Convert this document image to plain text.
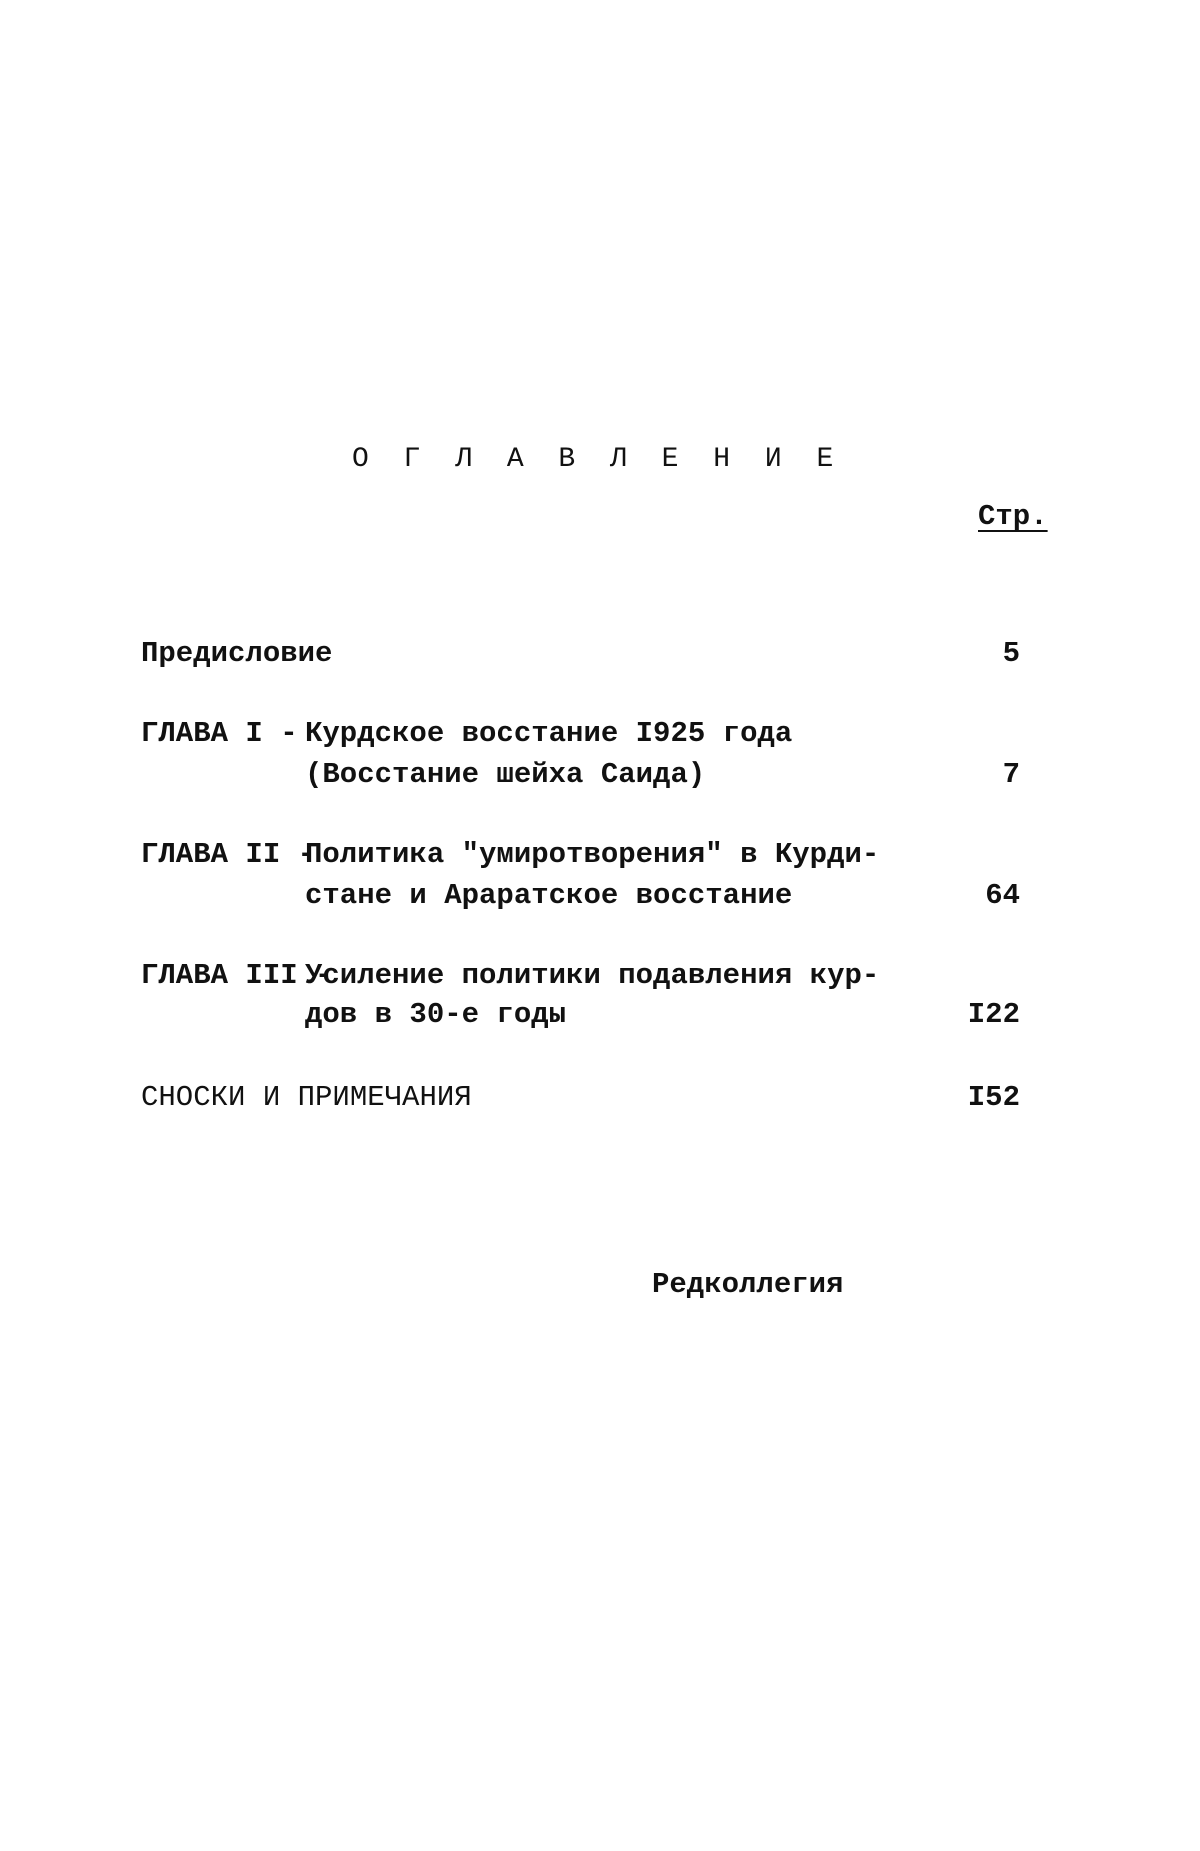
О Г Л А В Л Е Н И Е
Стр.
Предисловие	5
ГЛАВА I - Курдское восстание I925 года
(Восстание шейха Саида)	7
ГЛАВА II -
Политика "умиротворения" в Курди-
стане и Араратское восстание	64
ГЛАВА III -
Усиление политики подавления кур-
дов в 30-е годы	I22
СНОСКИ И ПРИМЕЧАНИЯ	I52
Редколлегия
